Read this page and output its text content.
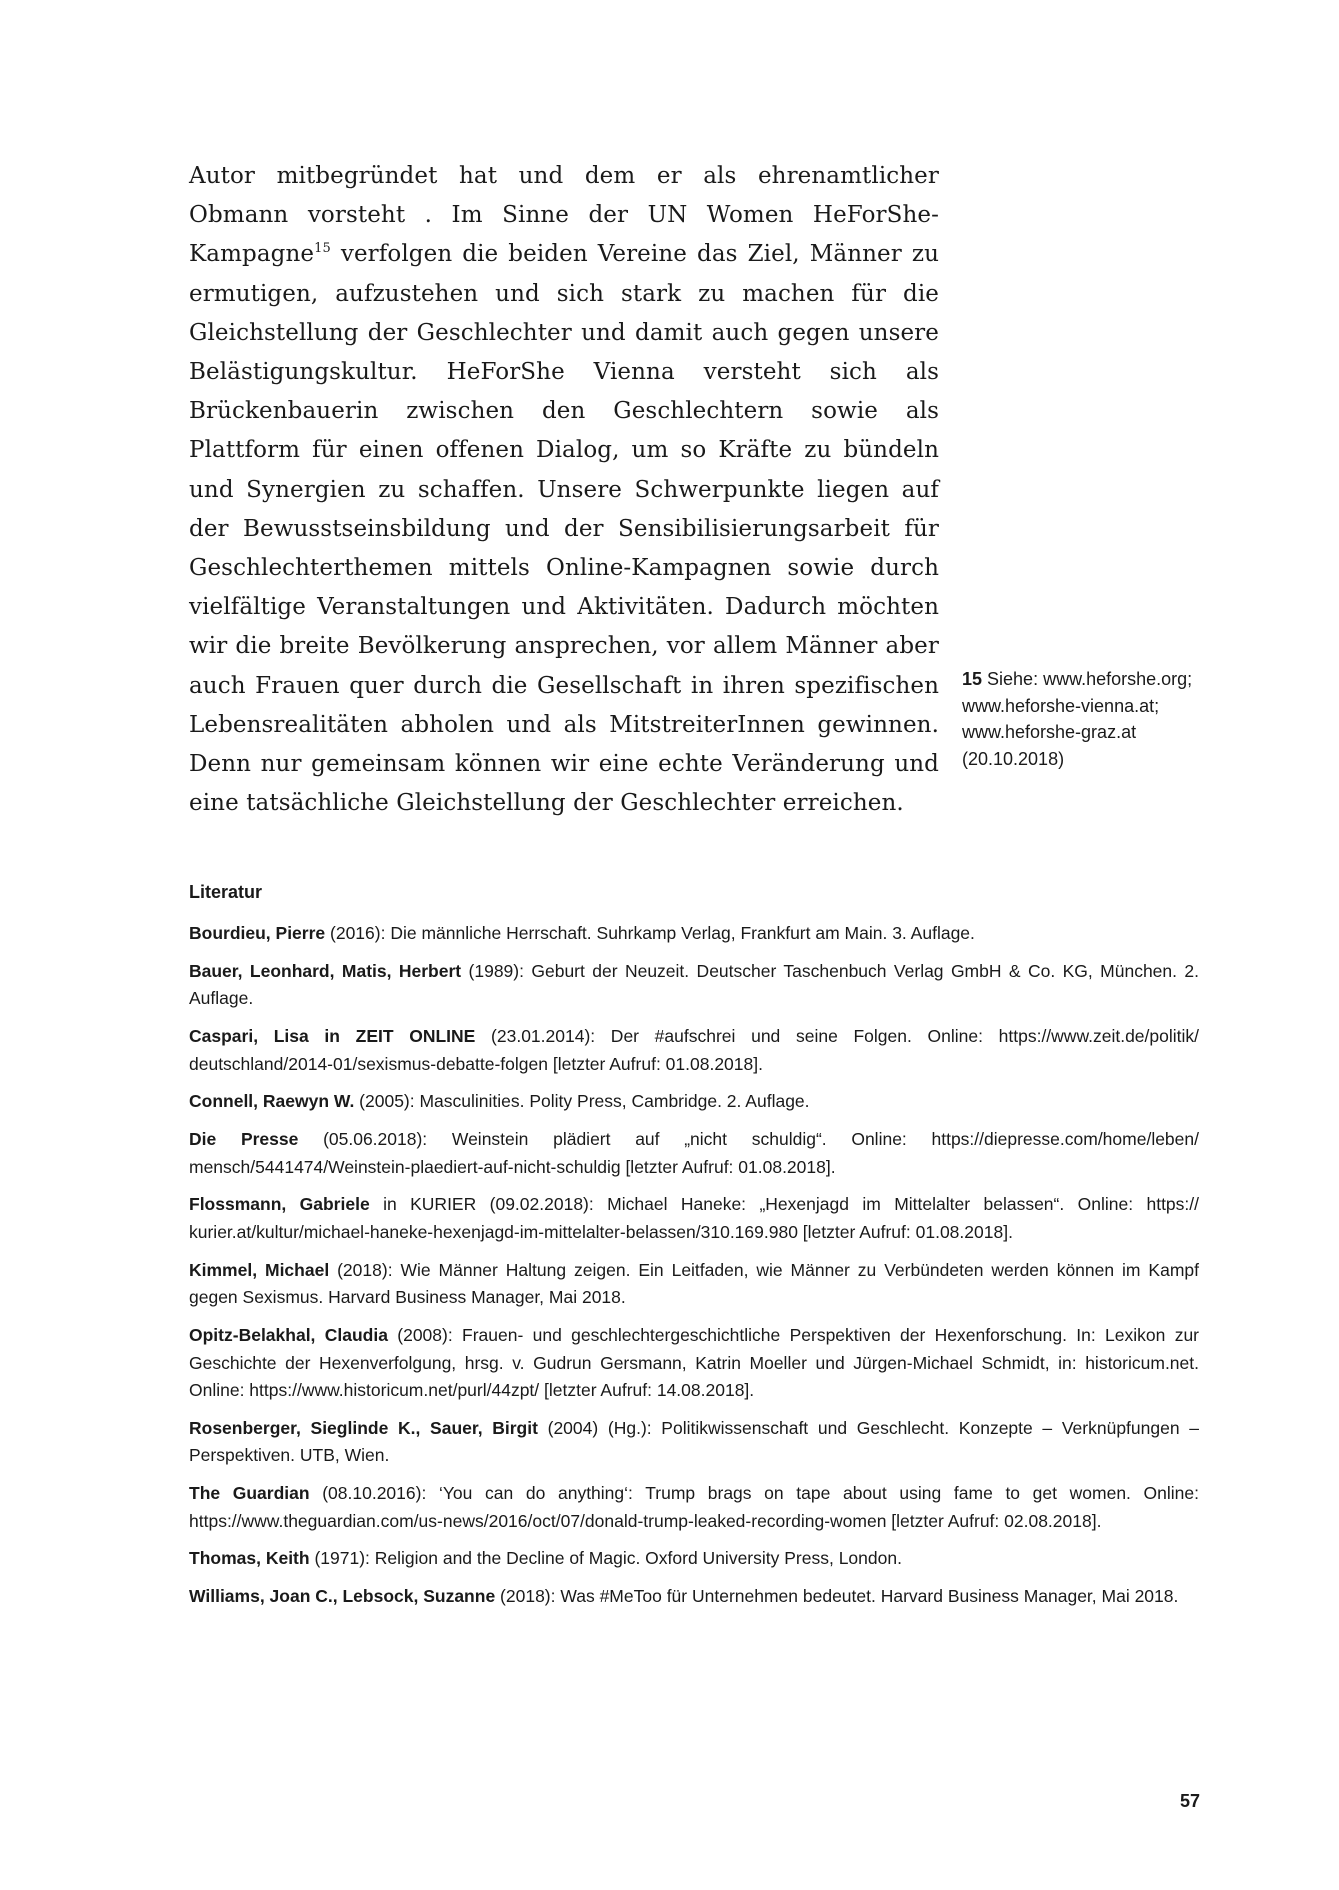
Autor mitbegründet hat und dem er als ehrenamtlicher Obmann vorsteht . Im Sinne der UN Women HeForShe-Kampagne$^{15}$ verfolgen die beiden Vereine das Ziel, Männer zu ermutigen, aufzustehen und sich stark zu machen für die Gleichstellung der Geschlechter und damit auch gegen unsere Belästigungskultur. HeForShe Vienna versteht sich als Brückenbauerin zwischen den Geschlechtern sowie als Plattform für einen offenen Dialog, um so Kräfte zu bündeln und Synergien zu schaffen. Unsere Schwerpunkte liegen auf der Bewusstseinsbildung und der Sensibilisierungsarbeit für Geschlechterthemen mittels Online-Kampagnen sowie durch vielfältige Veranstaltungen und Aktivitäten. Dadurch möchten wir die breite Bevölkerung ansprechen, vor allem Männer aber auch Frauen quer durch die Gesellschaft in ihren spezifischen Lebensrealitäten abholen und als MitstreiterInnen gewinnen. Denn nur gemeinsam können wir eine echte Veränderung und eine tatsächliche Gleichstellung der Geschlechter erreichen.

15 Siehe: www.heforshe.org; www.heforshe-vienna.at; www.heforshe-graz.at (20.10.2018)

Literatur
Bourdieu, Pierre (2016): Die männliche Herrschaft. Suhrkamp Verlag, Frankfurt am Main. 3. Auflage.
Bauer, Leonhard, Matis, Herbert (1989): Geburt der Neuzeit. Deutscher Taschenbuch Verlag GmbH & Co. KG, München. 2. Auflage.
Caspari, Lisa in ZEIT ONLINE (23.01.2014): Der #aufschrei und seine Folgen. Online: https://www.zeit.de/politik/​deutschland/2014-01/sexismus-debatte-folgen [letzter Aufruf: 01.08.2018].
Connell, Raewyn W. (2005): Masculinities. Polity Press, Cambridge. 2. Auflage.
Die Presse (05.06.2018): Weinstein plädiert auf „nicht schuldig“. Online: https://diepresse.com/home/leben/​mensch/5441474/Weinstein-plaediert-auf-nicht-schuldig [letzter Aufruf: 01.08.2018].
Flossmann, Gabriele in KURIER (09.02.2018): Michael Haneke: „Hexenjagd im Mittelalter belassen“. Online: https://​kurier.at/kultur/michael-haneke-hexenjagd-im-mittelalter-belassen/310.169.980 [letzter Aufruf: 01.08.2018].
Kimmel, Michael (2018): Wie Männer Haltung zeigen. Ein Leitfaden, wie Männer zu Verbündeten werden können im Kampf gegen Sexismus. Harvard Business Manager, Mai 2018.
Opitz-Belakhal, Claudia (2008): Frauen- und geschlechtergeschichtliche Perspektiven der Hexenforschung. In: Lexikon zur Geschichte der Hexenverfolgung, hrsg. v. Gudrun Gersmann, Katrin Moeller und Jürgen-Michael Schmidt, in: historicum.​net. Online: https://www.historicum.net/purl/44zpt/ [letzter Aufruf: 14.08.2018].
Rosenberger, Sieglinde K., Sauer, Birgit (2004) (Hg.): Politikwissenschaft und Geschlecht. Konzepte – Verknüpfungen – Perspektiven. UTB, Wien.
The Guardian (08.10.2016): ‘You can do anything‘: Trump brags on tape about using fame to get women. Online: https://www.theguardian.com/us-news/2016/oct/07/donald-trump-leaked-recording-women [letzter Aufruf: 02.08.2018].
Thomas, Keith (1971): Religion and the Decline of Magic. Oxford University Press, London.
Williams, Joan C., Lebsock, Suzanne (2018): Was #MeToo für Unternehmen bedeutet. Harvard Business Manager, Mai 2018.
57
